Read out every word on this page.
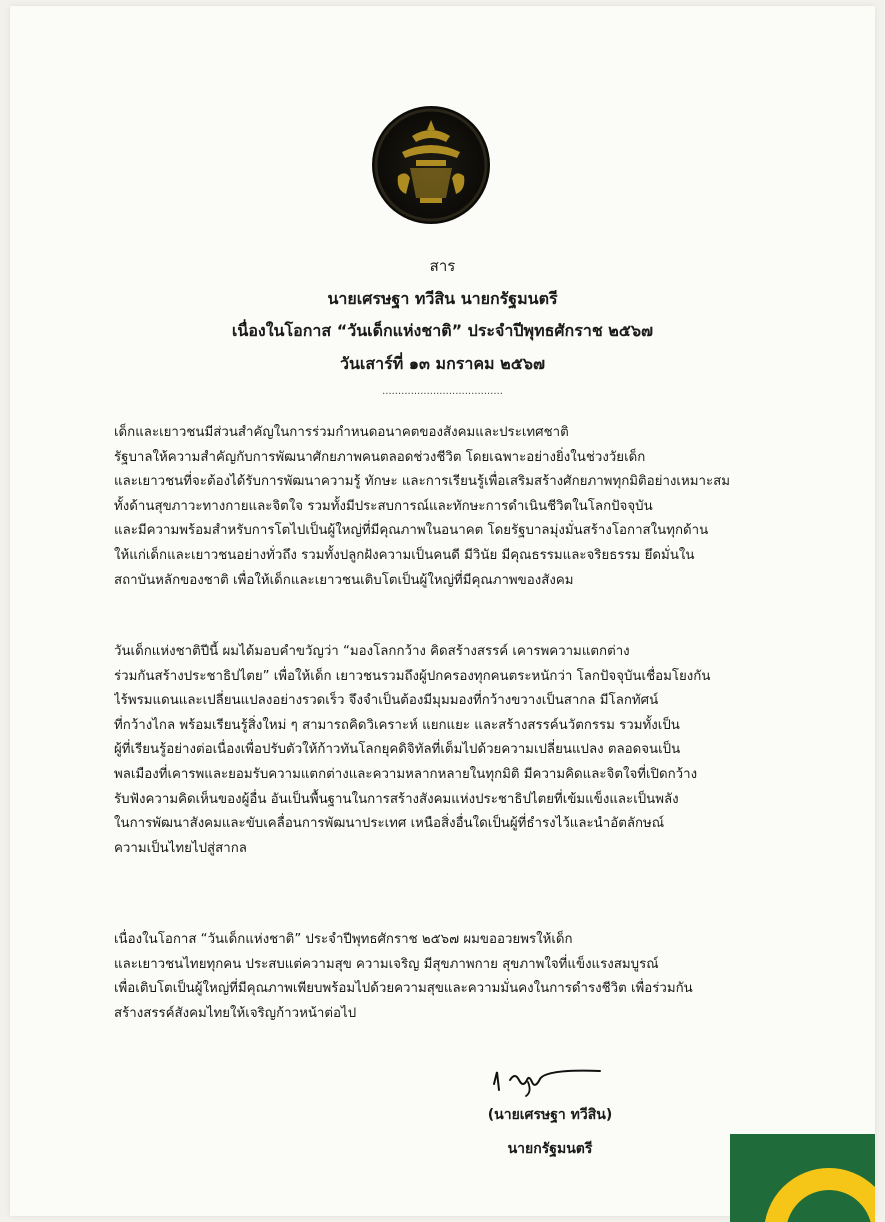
สาร
นายเศรษฐา ทวีสิน นายกรัฐมนตรี
เนื่องในโอกาส “วันเด็กแห่งชาติ” ประจำปีพุทธศักราช ๒๕๖๗
วันเสาร์ที่ ๑๓ มกราคม ๒๕๖๗
......................................
เด็กและเยาวชนมีส่วนสำคัญในการร่วมกำหนดอนาคตของสังคมและประเทศชาติ
รัฐบาลให้ความสำคัญกับการพัฒนาศักยภาพคนตลอดช่วงชีวิต โดยเฉพาะอย่างยิ่งในช่วงวัยเด็ก
และเยาวชนที่จะต้องได้รับการพัฒนาความรู้ ทักษะ และการเรียนรู้เพื่อเสริมสร้างศักยภาพทุกมิติอย่างเหมาะสม
ทั้งด้านสุขภาวะทางกายและจิตใจ รวมทั้งมีประสบการณ์และทักษะการดำเนินชีวิตในโลกปัจจุบัน
และมีความพร้อมสำหรับการโตไปเป็นผู้ใหญ่ที่มีคุณภาพในอนาคต โดยรัฐบาลมุ่งมั่นสร้างโอกาสในทุกด้าน
ให้แก่เด็กและเยาวชนอย่างทั่วถึง รวมทั้งปลูกฝังความเป็นคนดี มีวินัย มีคุณธรรมและจริยธรรม ยึดมั่นใน
สถาบันหลักของชาติ เพื่อให้เด็กและเยาวชนเติบโตเป็นผู้ใหญ่ที่มีคุณภาพของสังคม
วันเด็กแห่งชาติปีนี้ ผมได้มอบคำขวัญว่า “มองโลกกว้าง คิดสร้างสรรค์ เคารพความแตกต่าง
ร่วมกันสร้างประชาธิปไตย” เพื่อให้เด็ก เยาวชนรวมถึงผู้ปกครองทุกคนตระหนักว่า โลกปัจจุบันเชื่อมโยงกัน
ไร้พรมแดนและเปลี่ยนแปลงอย่างรวดเร็ว จึงจำเป็นต้องมีมุมมองที่กว้างขวางเป็นสากล มีโลกทัศน์
ที่กว้างไกล พร้อมเรียนรู้สิ่งใหม่ ๆ สามารถคิดวิเคราะห์ แยกแยะ และสร้างสรรค์นวัตกรรม รวมทั้งเป็น
ผู้ที่เรียนรู้อย่างต่อเนื่องเพื่อปรับตัวให้ก้าวทันโลกยุคดิจิทัลที่เต็มไปด้วยความเปลี่ยนแปลง ตลอดจนเป็น
พลเมืองที่เคารพและยอมรับความแตกต่างและความหลากหลายในทุกมิติ มีความคิดและจิตใจที่เปิดกว้าง
รับฟังความคิดเห็นของผู้อื่น อันเป็นพื้นฐานในการสร้างสังคมแห่งประชาธิปไตยที่เข้มแข็งและเป็นพลัง
ในการพัฒนาสังคมและขับเคลื่อนการพัฒนาประเทศ เหนือสิ่งอื่นใดเป็นผู้ที่ธำรงไว้และนำอัตลักษณ์
ความเป็นไทยไปสู่สากล
เนื่องในโอกาส “วันเด็กแห่งชาติ” ประจำปีพุทธศักราช ๒๕๖๗ ผมขออวยพรให้เด็ก
และเยาวชนไทยทุกคน ประสบแต่ความสุข ความเจริญ มีสุขภาพกาย สุขภาพใจที่แข็งแรงสมบูรณ์
เพื่อเติบโตเป็นผู้ใหญ่ที่มีคุณภาพเพียบพร้อมไปด้วยความสุขและความมั่นคงในการดำรงชีวิต เพื่อร่วมกัน
สร้างสรรค์สังคมไทยให้เจริญก้าวหน้าต่อไป
(นายเศรษฐา ทวีสิน)
นายกรัฐมนตรี
